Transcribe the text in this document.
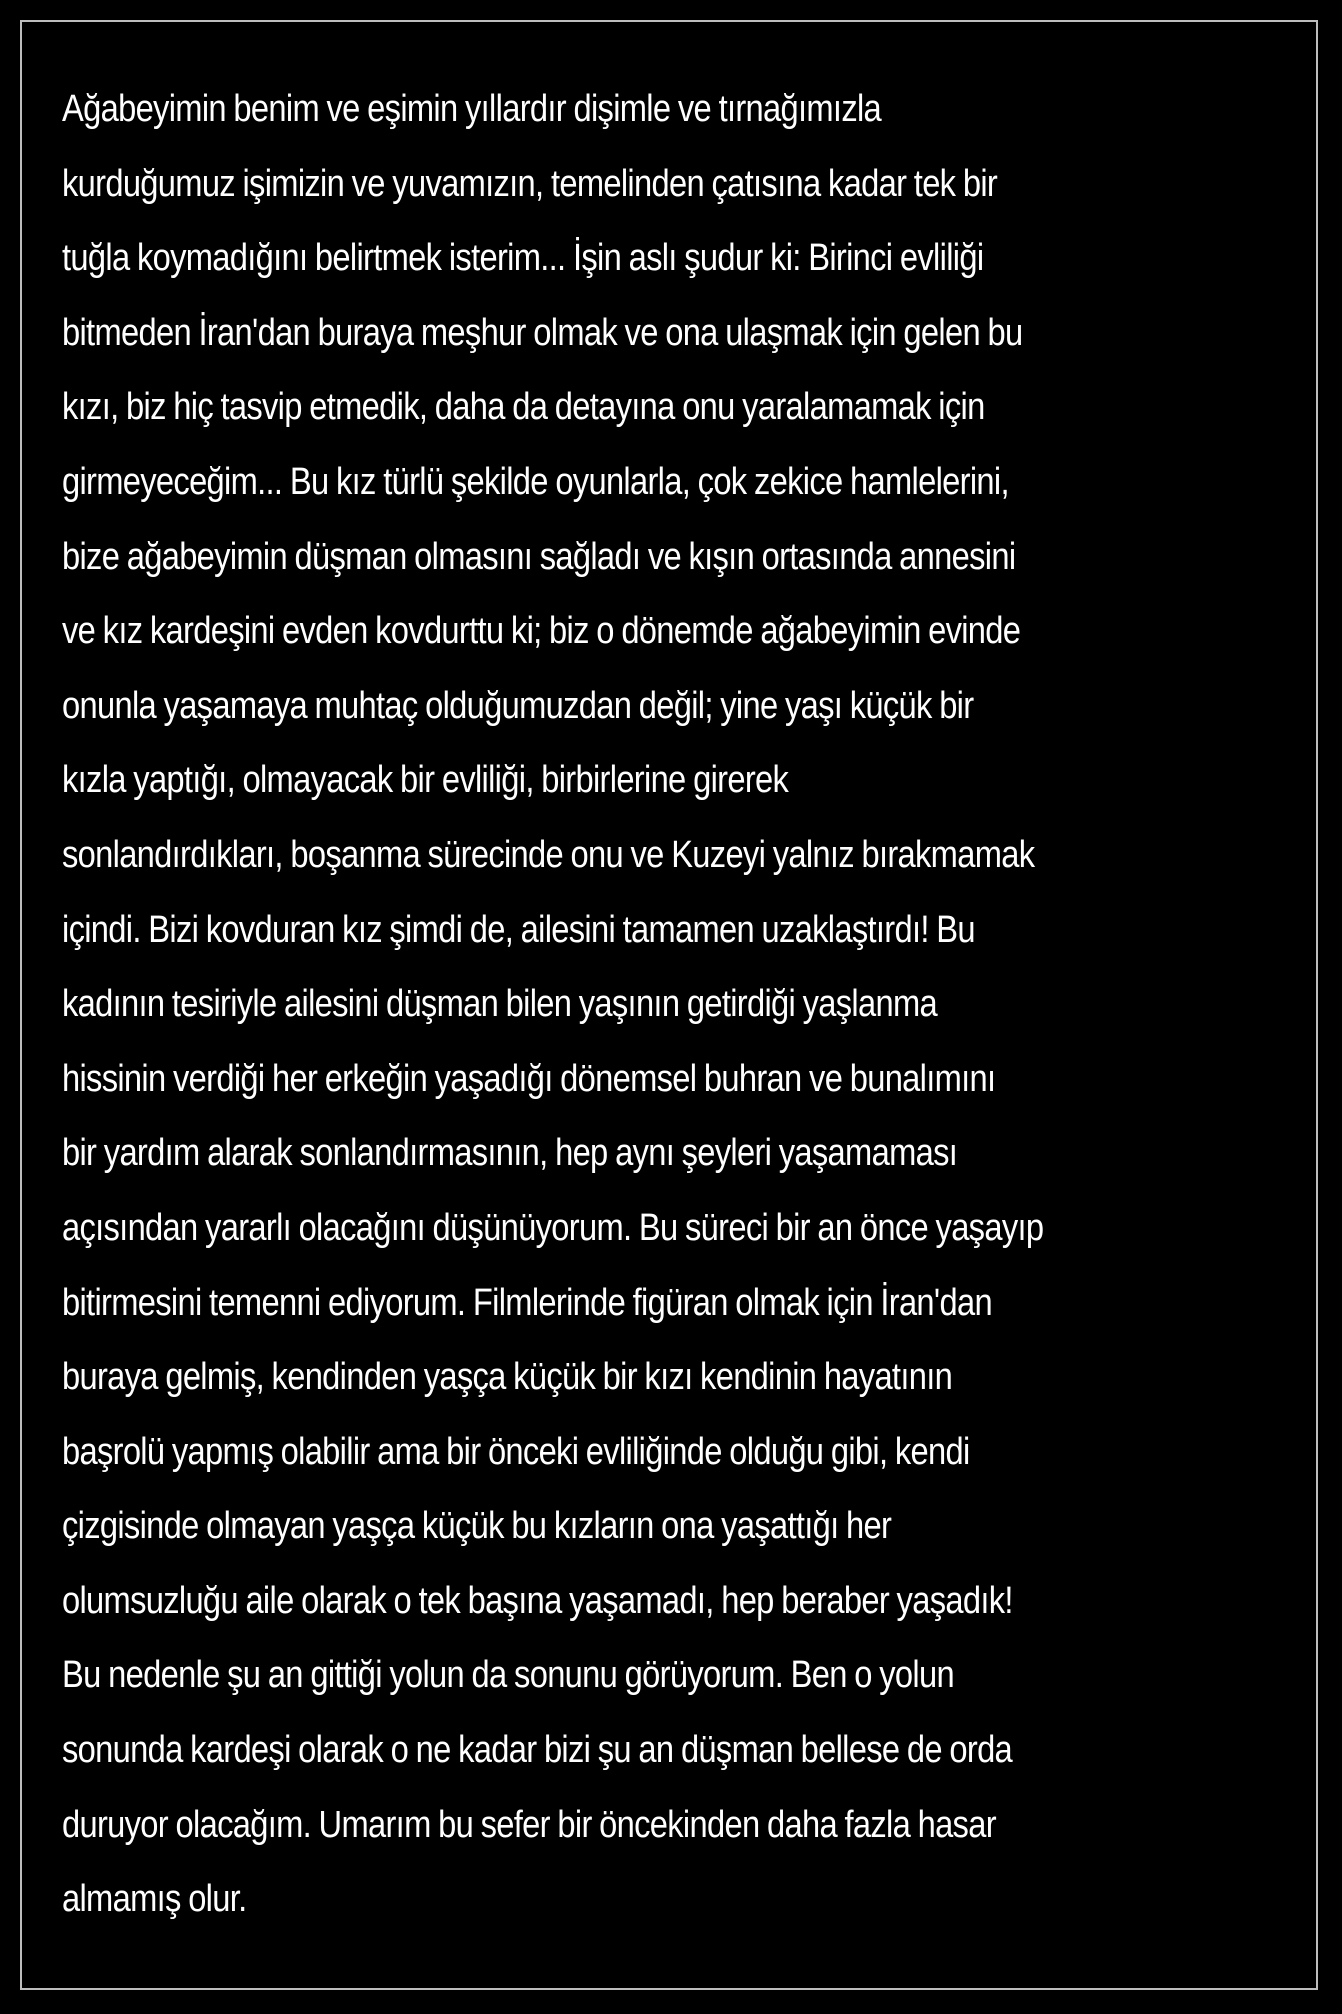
Ağabeyimin benim ve eşimin yıllardır dişimle ve tırnağımızla
kurduğumuz işimizin ve yuvamızın, temelinden çatısına kadar tek bir
tuğla koymadığını belirtmek isterim... İşin aslı şudur ki: Birinci evliliği
bitmeden İran'dan buraya meşhur olmak ve ona ulaşmak için gelen bu
kızı, biz hiç tasvip etmedik, daha da detayına onu yaralamamak için
girmeyeceğim... Bu kız türlü şekilde oyunlarla, çok zekice hamlelerini,
bize ağabeyimin düşman olmasını sağladı ve kışın ortasında annesini
ve kız kardeşini evden kovdurttu ki; biz o dönemde ağabeyimin evinde
onunla yaşamaya muhtaç olduğumuzdan değil; yine yaşı küçük bir
kızla yaptığı, olmayacak bir evliliği, birbirlerine girerek
sonlandırdıkları, boşanma sürecinde onu ve Kuzeyi yalnız bırakmamak
içindi. Bizi kovduran kız şimdi de, ailesini tamamen uzaklaştırdı! Bu
kadının tesiriyle ailesini düşman bilen yaşının getirdiği yaşlanma
hissinin verdiği her erkeğin yaşadığı dönemsel buhran ve bunalımını
bir yardım alarak sonlandırmasının, hep aynı şeyleri yaşamaması
açısından yararlı olacağını düşünüyorum. Bu süreci bir an önce yaşayıp
bitirmesini temenni ediyorum. Filmlerinde figüran olmak için İran'dan
buraya gelmiş, kendinden yaşça küçük bir kızı kendinin hayatının
başrolü yapmış olabilir ama bir önceki evliliğinde olduğu gibi, kendi
çizgisinde olmayan yaşça küçük bu kızların ona yaşattığı her
olumsuzluğu aile olarak o tek başına yaşamadı, hep beraber yaşadık!
Bu nedenle şu an gittiği yolun da sonunu görüyorum. Ben o yolun
sonunda kardeşi olarak o ne kadar bizi şu an düşman bellese de orda
duruyor olacağım. Umarım bu sefer bir öncekinden daha fazla hasar
almamış olur.
